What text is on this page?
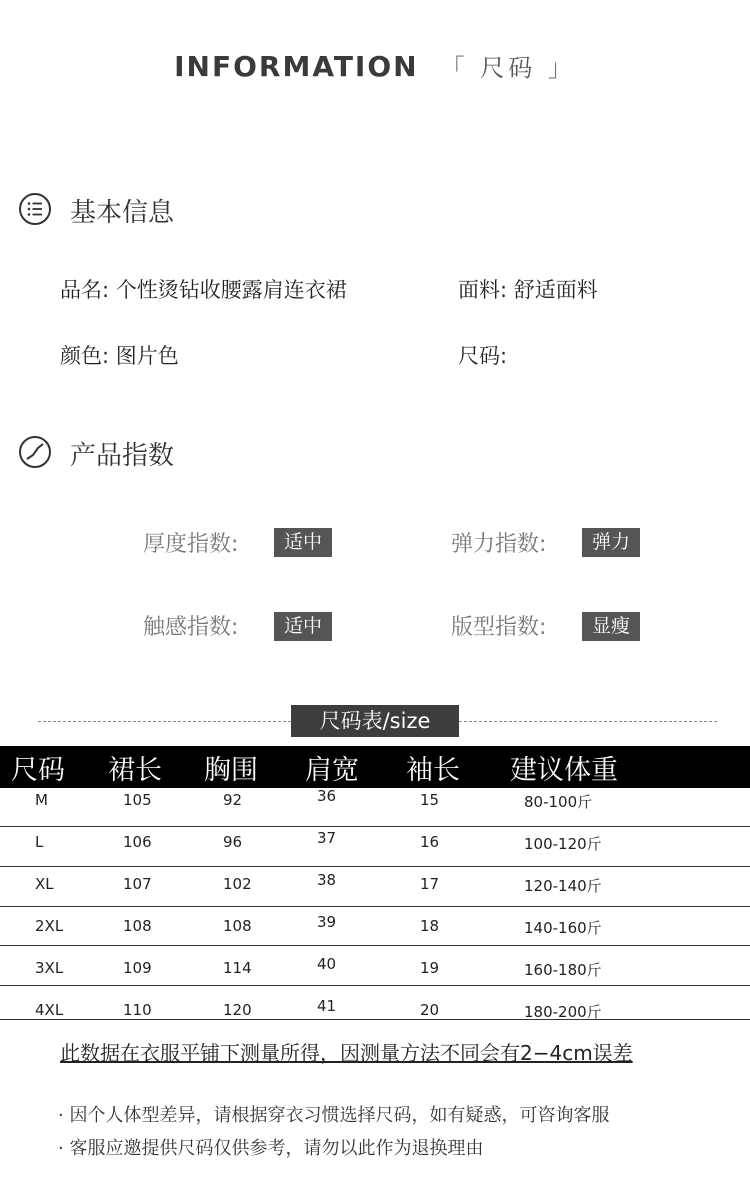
INFORMATION 「 尺码 」
基本信息
品名: 个性烫钻收腰露肩连衣裙	面料: 舒适面料
颜色: 图片色	尺码:
产品指数
厚度指数:	适中	弹力指数:	弹力
触感指数:	适中	版型指数:	显瘦
尺码表/size
尺码 裙长 胸围 肩宽 袖长 建议体重
M	105	92	36	15	80-100斤
L	106	96	37	16	100-120斤
XL	107	102	38	17	120-140斤
2XL	108	108	39	18	140-160斤
3XL	109	114	40	19	160-180斤
4XL	110	120	41	20	180-200斤
此数据在衣服平铺下测量所得，因测量方法不同会有2−4cm误差
· 因个人体型差异，请根据穿衣习惯选择尺码，如有疑惑，可咨询客服
· 客服应邀提供尺码仅供参考，请勿以此作为退换理由
